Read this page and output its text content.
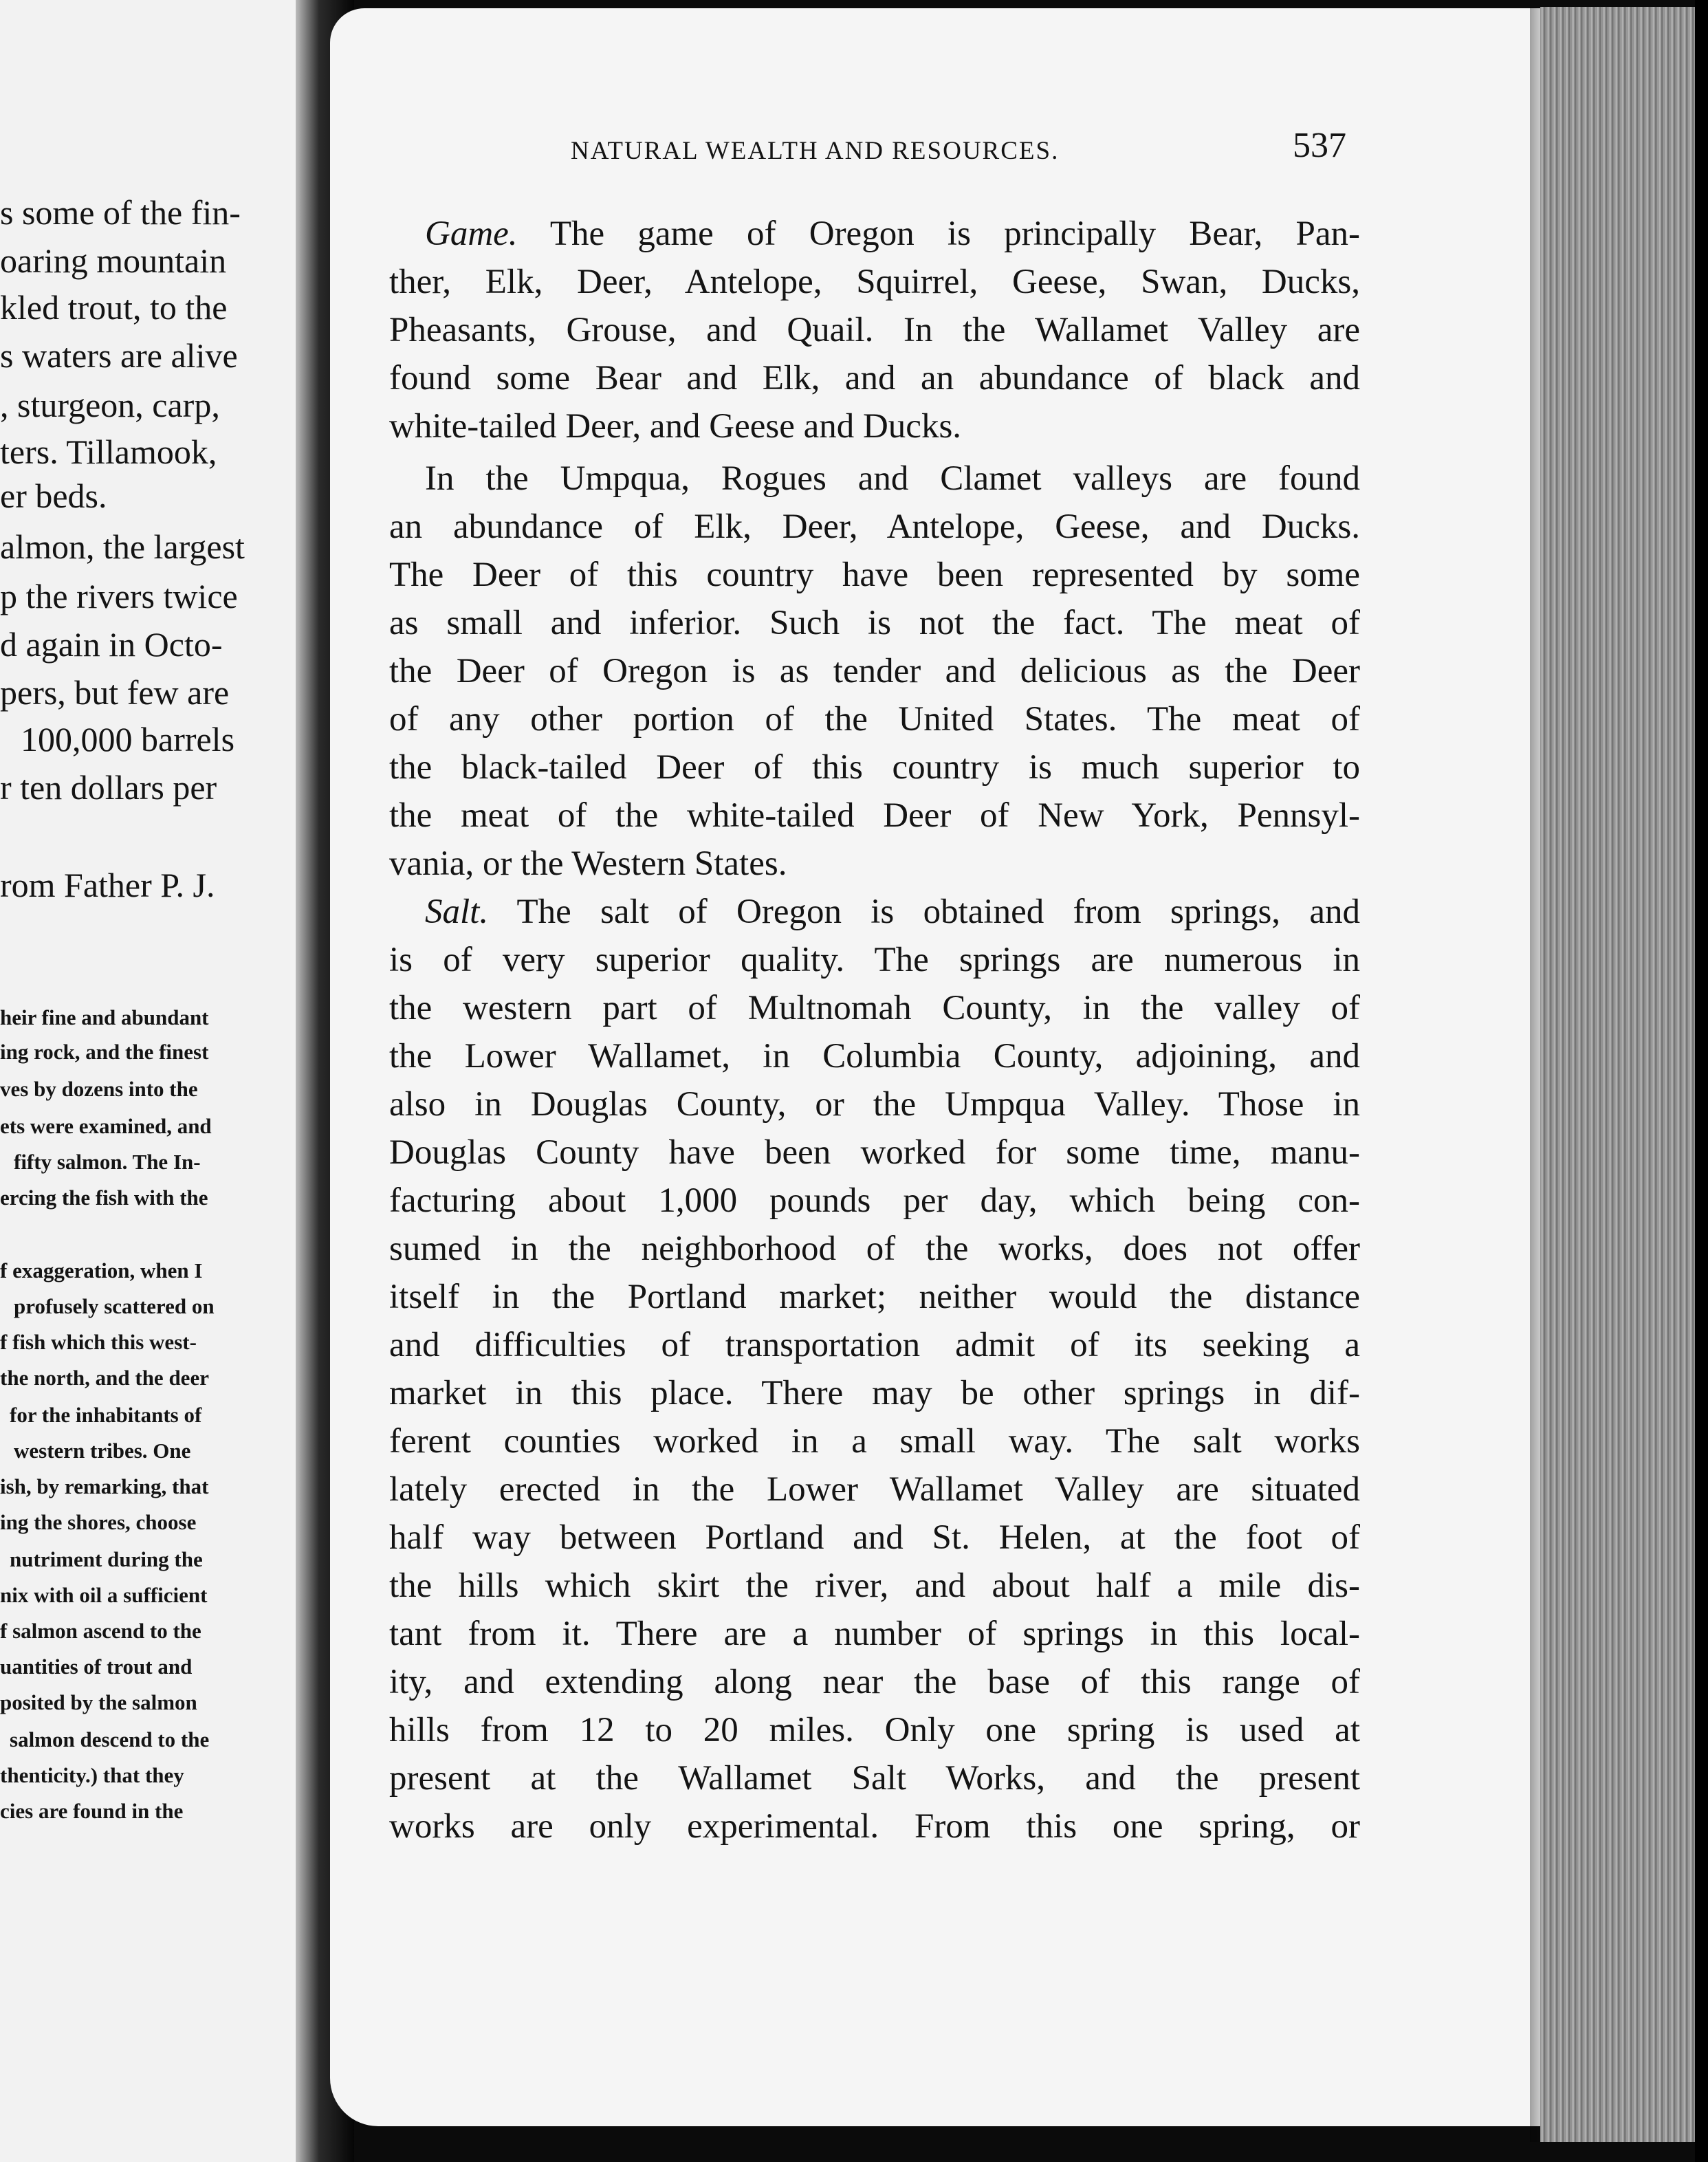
s some of the fin-
oaring mountain
kled trout, to the
s waters are alive
, sturgeon, carp,
ters. Tillamook,
er beds.
almon, the largest
p the rivers twice
d again in Octo-
pers, but few are
100,000 barrels
r ten dollars per
rom Father P. J.
heir fine and abundant
ing rock, and the finest
ves by dozens into the
ets were examined, and
fifty salmon. The In-
ercing the fish with the
f exaggeration, when I
profusely scattered on
f fish which this west-
the north, and the deer
for the inhabitants of
western tribes. One
ish, by remarking, that
ing the shores, choose
nutriment during the
nix with oil a sufficient
f salmon ascend to the
uantities of trout and
posited by the salmon
salmon descend to the
thenticity.) that they
cies are found in the
NATURAL WEALTH AND RESOURCES.	537
Game. The game of Oregon is principally Bear, Pan-
ther, Elk, Deer, Antelope, Squirrel, Geese, Swan, Ducks,
Pheasants, Grouse, and Quail. In the Wallamet Valley are
found some Bear and Elk, and an abundance of black and
white-tailed Deer, and Geese and Ducks.
In the Umpqua, Rogues and Clamet valleys are found
an abundance of Elk, Deer, Antelope, Geese, and Ducks.
The Deer of this country have been represented by some
as small and inferior. Such is not the fact. The meat of
the Deer of Oregon is as tender and delicious as the Deer
of any other portion of the United States. The meat of
the black-tailed Deer of this country is much superior to
the meat of the white-tailed Deer of New York, Pennsyl-
vania, or the Western States.
Salt. The salt of Oregon is obtained from springs, and
is of very superior quality. The springs are numerous in
the western part of Multnomah County, in the valley of
the Lower Wallamet, in Columbia County, adjoining, and
also in Douglas County, or the Umpqua Valley. Those in
Douglas County have been worked for some time, manu-
facturing about 1,000 pounds per day, which being con-
sumed in the neighborhood of the works, does not offer
itself in the Portland market; neither would the distance
and difficulties of transportation admit of its seeking a
market in this place. There may be other springs in dif-
ferent counties worked in a small way. The salt works
lately erected in the Lower Wallamet Valley are situated
half way between Portland and St. Helen, at the foot of
the hills which skirt the river, and about half a mile dis-
tant from it. There are a number of springs in this local-
ity, and extending along near the base of this range of
hills from 12 to 20 miles. Only one spring is used at
present at the Wallamet Salt Works, and the present
works are only experimental. From this one spring, or
